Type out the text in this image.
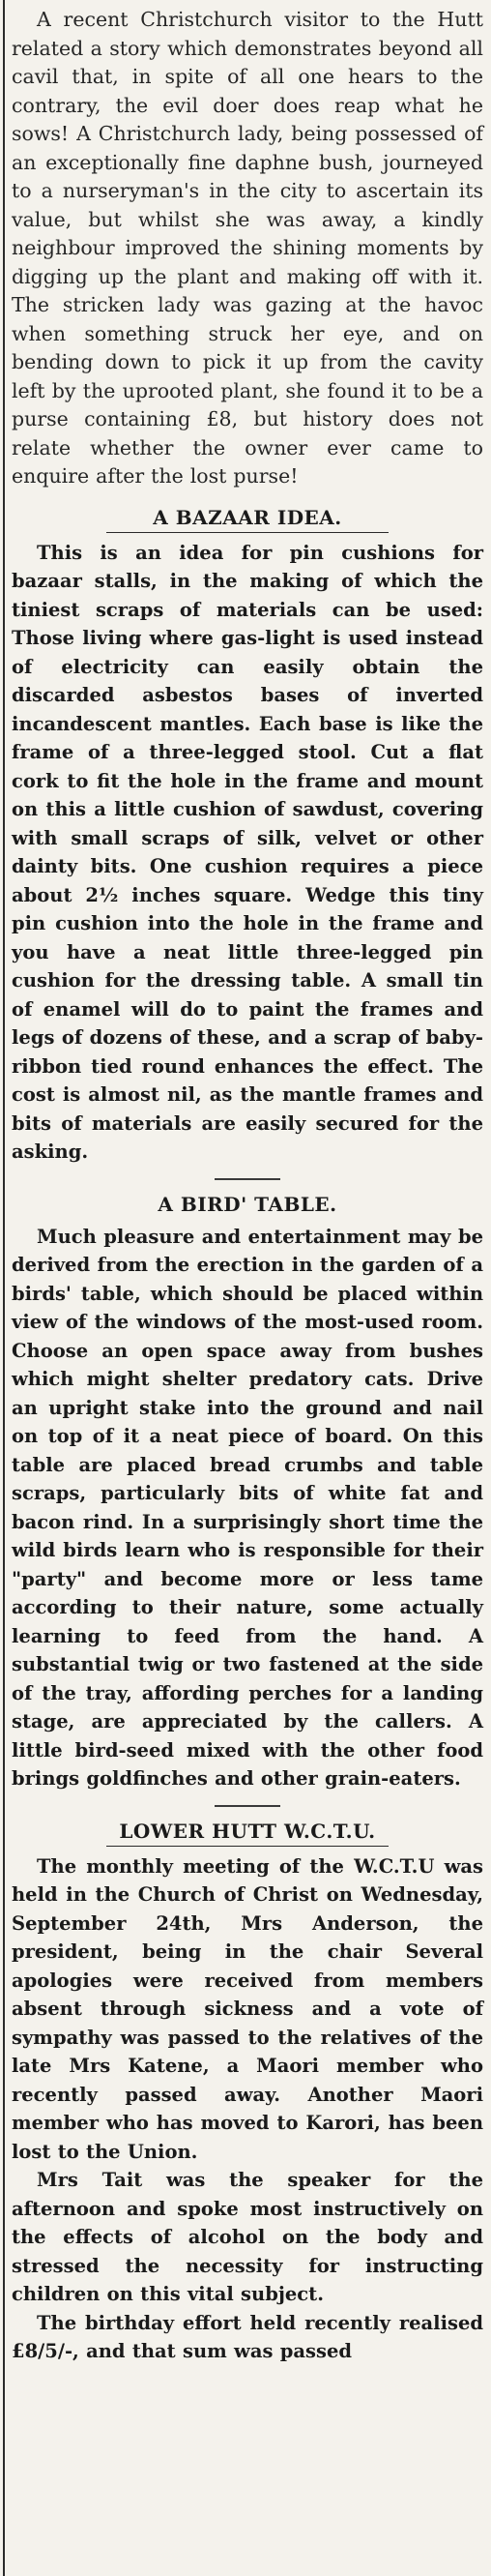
A recent Christchurch visitor to the Hutt related a story which demonstrates beyond all cavil that, in spite of all one hears to the contrary, the evil doer does reap what he sows! A Christchurch lady, being possessed of an exceptionally fine daphne bush, journeyed to a nurseryman's in the city to ascertain its value, but whilst she was away, a kindly neighbour improved the shining moments by digging up the plant and making off with it. The stricken lady was gazing at the havoc when something struck her eye, and on bending down to pick it up from the cavity left by the uprooted plant, she found it to be a purse containing £8, but history does not relate whether the owner ever came to enquire after the lost purse!

A BAZAAR IDEA.

This is an idea for pin cushions for bazaar stalls, in the making of which the tiniest scraps of materials can be used: Those living where gas-light is used instead of electricity can easily obtain the discarded asbestos bases of inverted incandescent mantles. Each base is like the frame of a three-legged stool. Cut a flat cork to fit the hole in the frame and mount on this a little cushion of sawdust, covering with small scraps of silk, velvet or other dainty bits. One cushion requires a piece about 2½ inches square. Wedge this tiny pin cushion into the hole in the frame and you have a neat little three-legged pin cushion for the dressing table. A small tin of enamel will do to paint the frames and legs of dozens of these, and a scrap of baby-ribbon tied round enhances the effect. The cost is almost nil, as the mantle frames and bits of materials are easily secured for the asking.

A BIRD' TABLE.

Much pleasure and entertainment may be derived from the erection in the garden of a birds' table, which should be placed within view of the windows of the most-used room. Choose an open space away from bushes which might shelter predatory cats. Drive an upright stake into the ground and nail on top of it a neat piece of board. On this table are placed bread crumbs and table scraps, particularly bits of white fat and bacon rind. In a surprisingly short time the wild birds learn who is responsible for their "party" and become more or less tame according to their nature, some actually learning to feed from the hand. A substantial twig or two fastened at the side of the tray, affording perches for a landing stage, are appreciated by the callers. A little bird-seed mixed with the other food brings goldfinches and other grain-eaters.

LOWER HUTT W.C.T.U.

The monthly meeting of the W.C.T.U was held in the Church of Christ on Wednesday, September 24th, Mrs Anderson, the president, being in the chair Several apologies were received from members absent through sickness and a vote of sympathy was passed to the relatives of the late Mrs Katene, a Maori member who recently passed away. Another Maori member who has moved to Karori, has been lost to the Union.

Mrs Tait was the speaker for the afternoon and spoke most instructively on the effects of alcohol on the body and stressed the necessity for instructing children on this vital subject.

The birthday effort held recently realised £8/5/-, and that sum was passed
